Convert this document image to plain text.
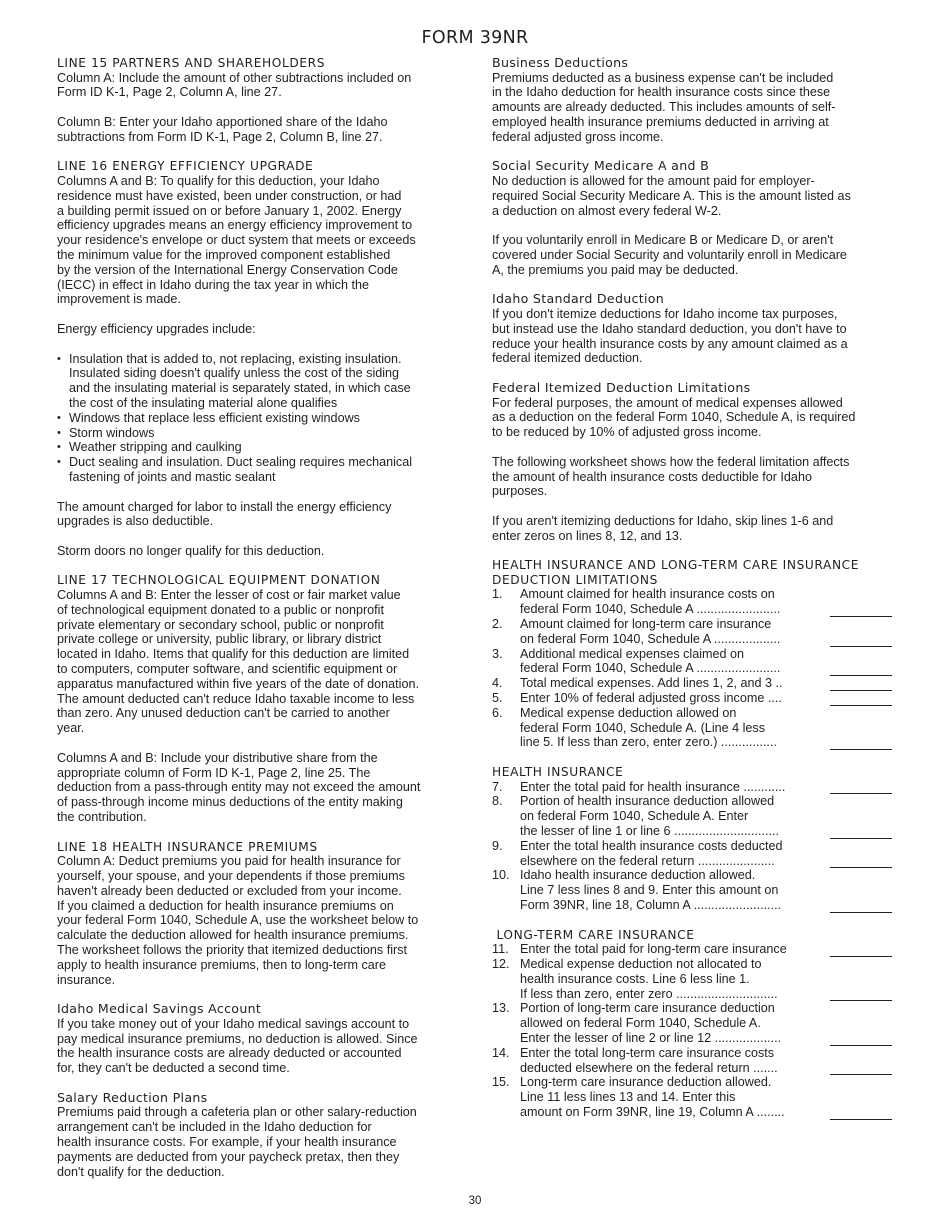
FORM 39NR
LINE 15 PARTNERS AND SHAREHOLDERS
Column A: Include the amount of other subtractions included on
Form ID K-1, Page 2, Column A, line 27.
Column B: Enter your Idaho apportioned share of the Idaho
subtractions from Form ID K-1, Page 2, Column B, line 27.
LINE 16 ENERGY EFFICIENCY UPGRADE
Columns A and B: To qualify for this deduction, your Idaho
residence must have existed, been under construction, or had
a building permit issued on or before January 1, 2002. Energy
efficiency upgrades means an energy efficiency improvement to
your residence's envelope or duct system that meets or exceeds
the minimum value for the improved component established
by the version of the International Energy Conservation Code
(IECC) in effect in Idaho during the tax year in which the
improvement is made.
Energy efficiency upgrades include:
• Insulation that is added to, not replacing, existing insulation.
Insulated siding doesn't qualify unless the cost of the siding
and the insulating material is separately stated, in which case
the cost of the insulating material alone qualifies
• Windows that replace less efficient existing windows
• Storm windows
• Weather stripping and caulking
• Duct sealing and insulation. Duct sealing requires mechanical
fastening of joints and mastic sealant
The amount charged for labor to install the energy efficiency
upgrades is also deductible.
Storm doors no longer qualify for this deduction.
LINE 17 TECHNOLOGICAL EQUIPMENT DONATION
Columns A and B: Enter the lesser of cost or fair market value
of technological equipment donated to a public or nonprofit
private elementary or secondary school, public or nonprofit
private college or university, public library, or library district
located in Idaho. Items that qualify for this deduction are limited
to computers, computer software, and scientific equipment or
apparatus manufactured within five years of the date of donation.
The amount deducted can't reduce Idaho taxable income to less
than zero. Any unused deduction can't be carried to another
year.
Columns A and B: Include your distributive share from the
appropriate column of Form ID K-1, Page 2, line 25. The
deduction from a pass-through entity may not exceed the amount
of pass-through income minus deductions of the entity making
the contribution.
LINE 18 HEALTH INSURANCE PREMIUMS
Column A: Deduct premiums you paid for health insurance for
yourself, your spouse, and your dependents if those premiums
haven't already been deducted or excluded from your income.
If you claimed a deduction for health insurance premiums on
your federal Form 1040, Schedule A, use the worksheet below to
calculate the deduction allowed for health insurance premiums.
The worksheet follows the priority that itemized deductions first
apply to health insurance premiums, then to long-term care
insurance.
Idaho Medical Savings Account
If you take money out of your Idaho medical savings account to
pay medical insurance premiums, no deduction is allowed. Since
the health insurance costs are already deducted or accounted
for, they can't be deducted a second time.
Salary Reduction Plans
Premiums paid through a cafeteria plan or other salary-reduction
arrangement can't be included in the Idaho deduction for
health insurance costs. For example, if your health insurance
payments are deducted from your paycheck pretax, then they
don't qualify for the deduction.
Business Deductions
Premiums deducted as a business expense can't be included
in the Idaho deduction for health insurance costs since these
amounts are already deducted. This includes amounts of self-
employed health insurance premiums deducted in arriving at
federal adjusted gross income.
Social Security Medicare A and B
No deduction is allowed for the amount paid for employer-
required Social Security Medicare A. This is the amount listed as
a deduction on almost every federal W-2.
If you voluntarily enroll in Medicare B or Medicare D, or aren't
covered under Social Security and voluntarily enroll in Medicare
A, the premiums you paid may be deducted.
Idaho Standard Deduction
If you don't itemize deductions for Idaho income tax purposes,
but instead use the Idaho standard deduction, you don't have to
reduce your health insurance costs by any amount claimed as a
federal itemized deduction.
Federal Itemized Deduction Limitations
For federal purposes, the amount of medical expenses allowed
as a deduction on the federal Form 1040, Schedule A, is required
to be reduced by 10% of adjusted gross income.
The following worksheet shows how the federal limitation affects
the amount of health insurance costs deductible for Idaho
purposes.
If you aren't itemizing deductions for Idaho, skip lines 1-6 and
enter zeros on lines 8, 12, and 13.
HEALTH INSURANCE AND LONG-TERM CARE INSURANCE
DEDUCTION LIMITATIONS
1.	Amount claimed for health insurance costs on
federal Form 1040, Schedule A ........................
2.	Amount claimed for long-term care insurance
on federal Form 1040, Schedule A ...................
3.	Additional medical expenses claimed on
federal Form 1040, Schedule A ........................
4.	Total medical expenses. Add lines 1, 2, and 3 ..
5.	Enter 10% of federal adjusted gross income ....
6.	Medical expense deduction allowed on
federal Form 1040, Schedule A. (Line 4 less
line 5. If less than zero, enter zero.) ................
HEALTH INSURANCE
7.	Enter the total paid for health insurance ............
8.	Portion of health insurance deduction allowed
on federal Form 1040, Schedule A. Enter
the lesser of line 1 or line 6 ..............................
9.	Enter the total health insurance costs deducted
elsewhere on the federal return ......................
10. Idaho health insurance deduction allowed.
Line 7 less lines 8 and 9. Enter this amount on
Form 39NR, line 18, Column A .........................
LONG-TERM CARE INSURANCE
11. Enter the total paid for long-term care insurance
12. Medical expense deduction not allocated to
health insurance costs. Line 6 less line 1.
If less than zero, enter zero .............................
13. Portion of long-term care insurance deduction
allowed on federal Form 1040, Schedule A.
Enter the lesser of line 2 or line 12 ...................
14. Enter the total long-term care insurance costs
deducted elsewhere on the federal return .......
15. Long-term care insurance deduction allowed.
Line 11 less lines 13 and 14. Enter this
amount on Form 39NR, line 19, Column A ........
30
